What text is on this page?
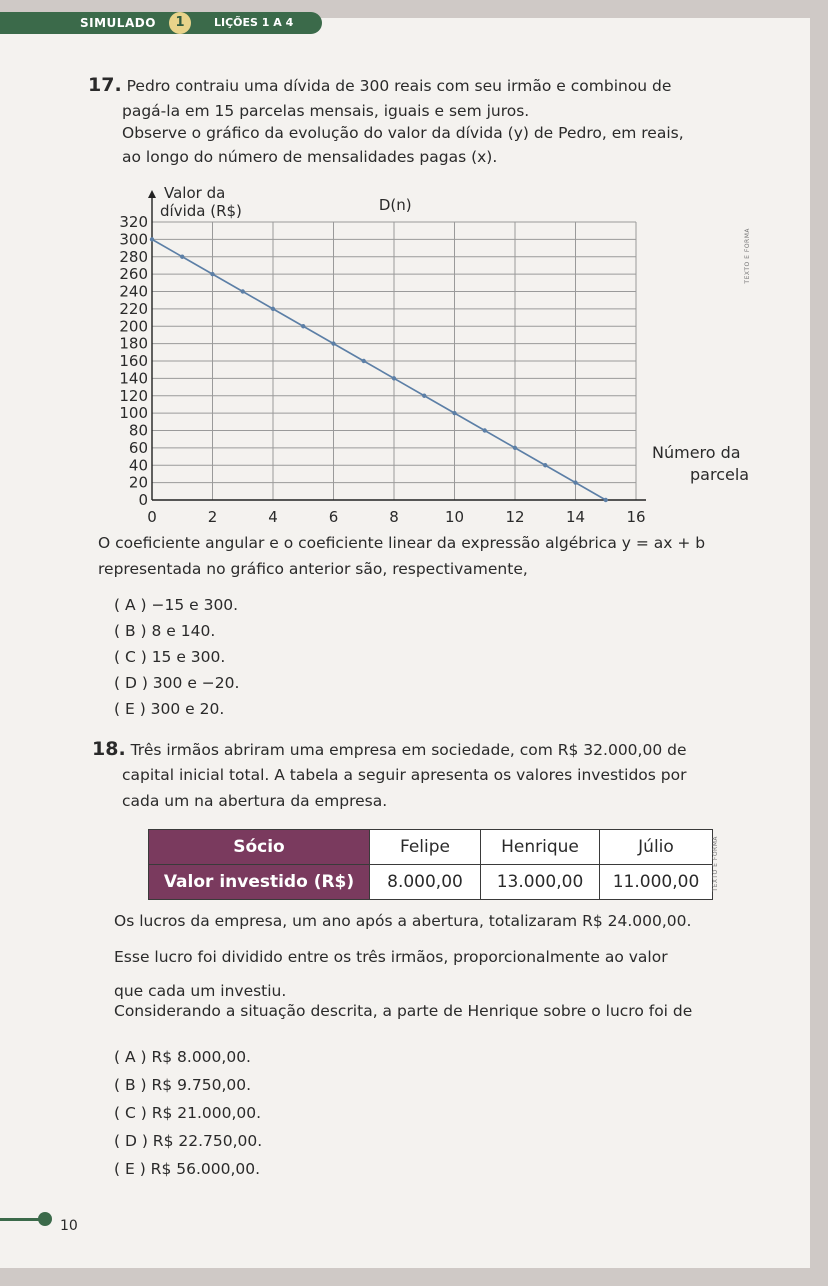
SIMULADO	1	LIÇÕES 1 A 4
17. Pedro contraiu uma dívida de 300 reais com seu irmão e combinou de
pagá-la em 15 parcelas mensais, iguais e sem juros.
Observe o gráfico da evolução do valor da dívida (y) de Pedro, em reais,
ao longo do número de mensalidades pagas (x).
0
20
40
60
80
100
120
140
160
180
200
220
240
260
280
300
320
0	2	4	6	8	10	12	14	16
Valor da
dívida (R$)	D(n)
Número da
parcela
TEXTO E FORMA
O coeficiente angular e o coeficiente linear da expressão algébrica y = ax + b
representada no gráfico anterior são, respectivamente,
( A ) −15 e 300.
( B ) 8 e 140.
( C ) 15 e 300.
( D ) 300 e −20.
( E ) 300 e 20.
18. Três irmãos abriram uma empresa em sociedade, com R$ 32.000,00 de
capital inicial total. A tabela a seguir apresenta os valores investidos por
cada um na abertura da empresa.
Sócio	Felipe	Henrique	Júlio
Valor investido (R$)	8.000,00	13.000,00	11.000,00 TEXTO E FORMA
Os lucros da empresa, um ano após a abertura, totalizaram R$ 24.000,00.
Esse lucro foi dividido entre os três irmãos, proporcionalmente ao valor
que cada um investiu.
Considerando a situação descrita, a parte de Henrique sobre o lucro foi de
( A ) R$ 8.000,00.
( B ) R$ 9.750,00.
( C ) R$ 21.000,00.
( D ) R$ 22.750,00.
( E ) R$ 56.000,00.
10
